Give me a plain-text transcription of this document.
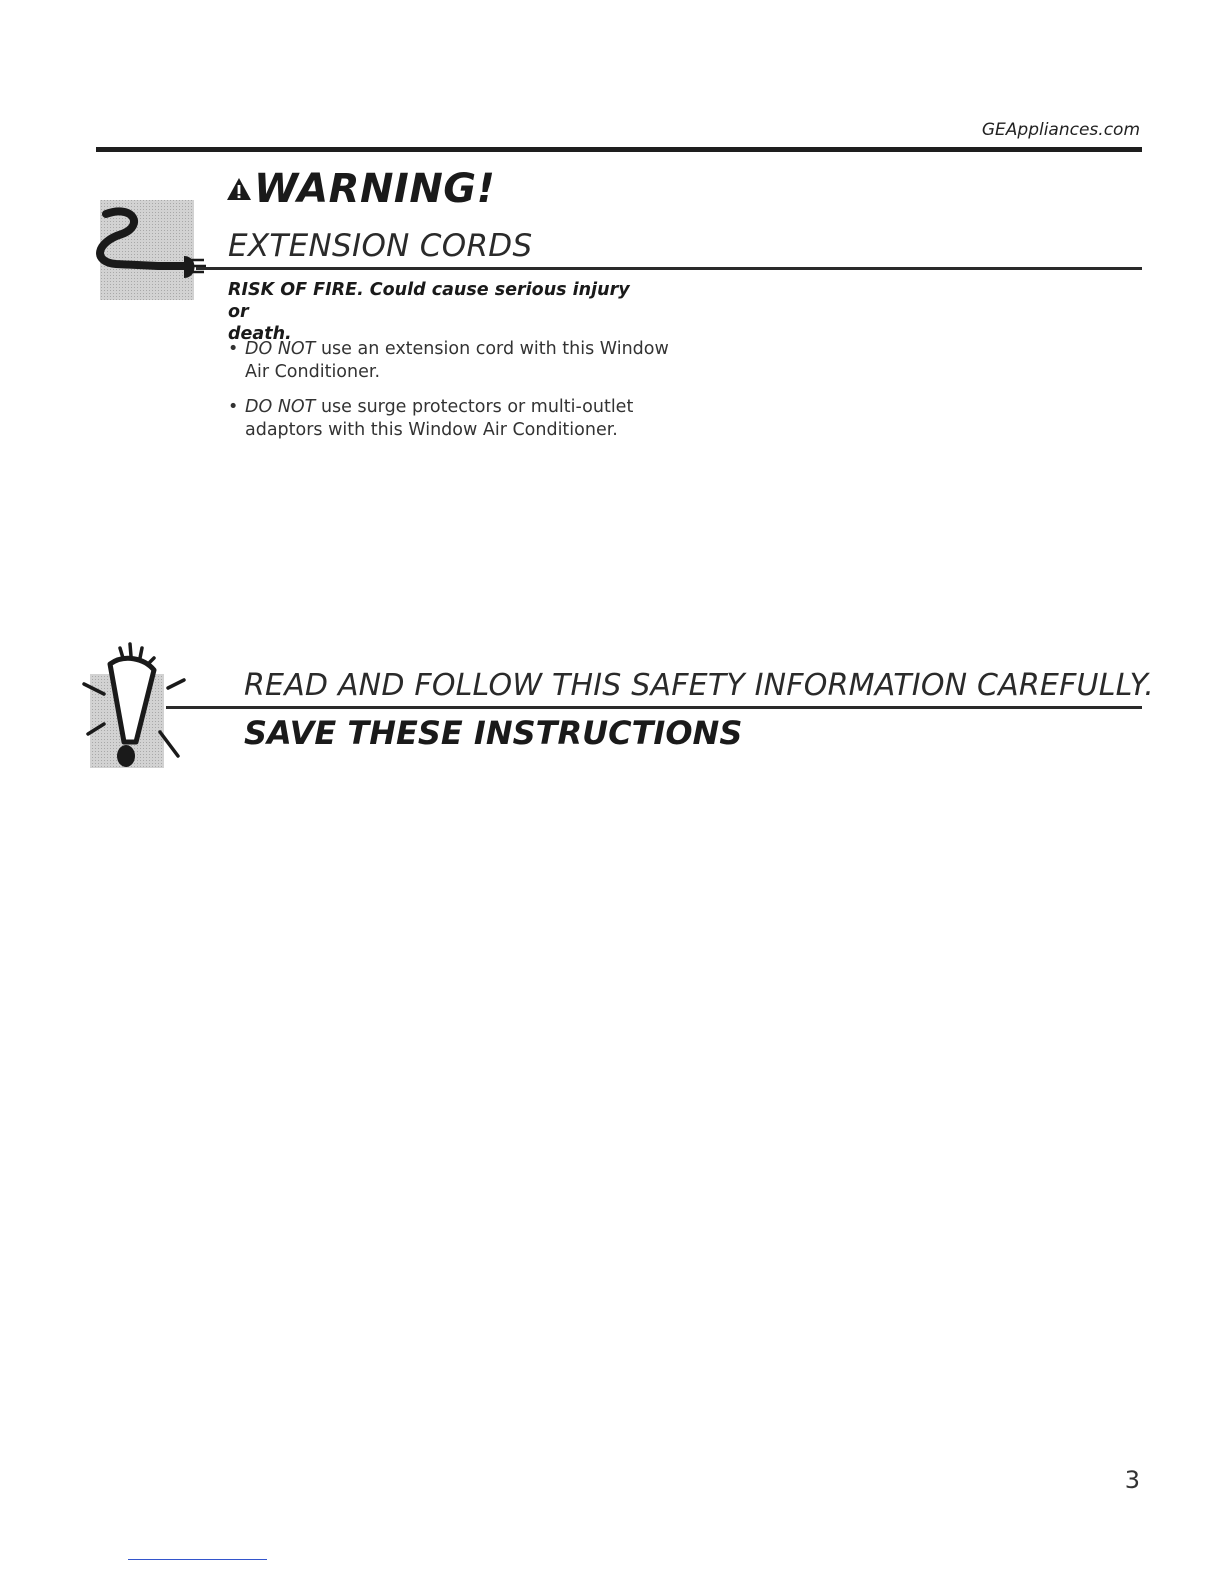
GEAppliances.com
WARNING!
EXTENSION CORDS
RISK OF FIRE. Could cause serious injury or
death.
• DO NOT use an extension cord with this Window
Air Conditioner.
• DO NOT use surge protectors or multi-outlet
adaptors with this Window Air Conditioner.
READ AND FOLLOW THIS SAFETY INFORMATION CAREFULLY.
SAVE THESE INSTRUCTIONS
3
